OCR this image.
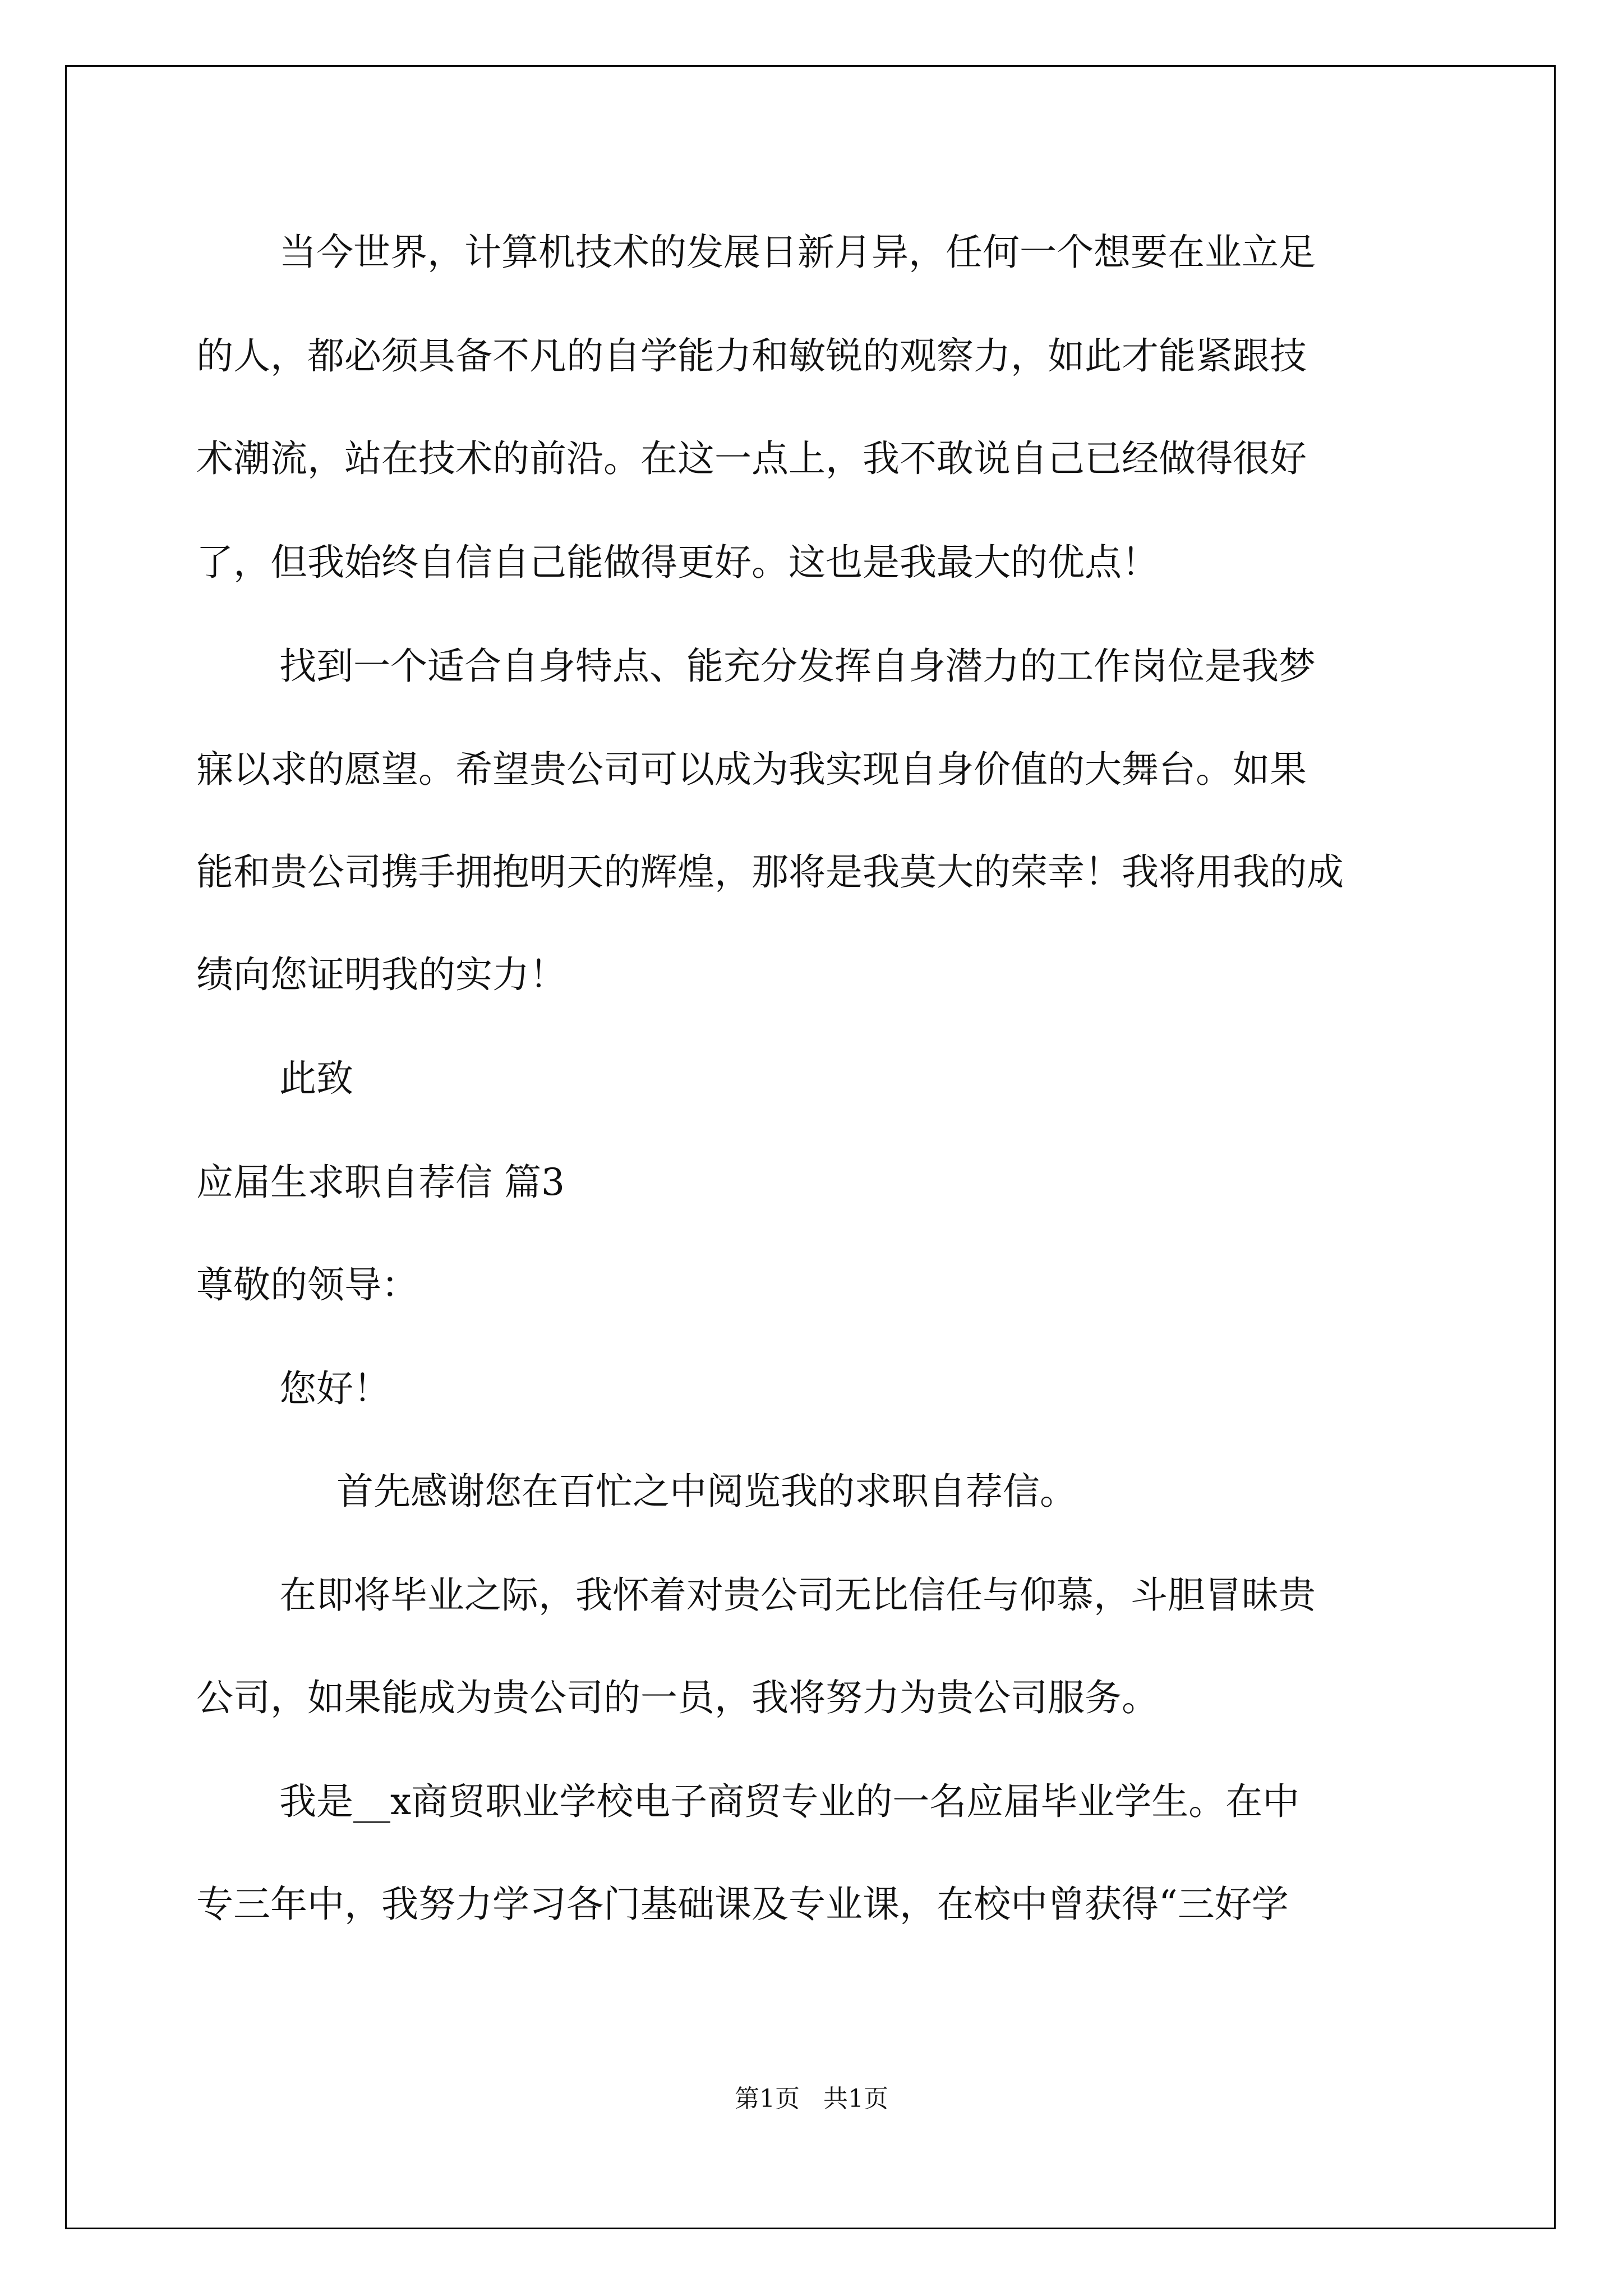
当今世界，计算机技术的发展日新月异，任何一个想要在业立足

的人，都必须具备不凡的自学能力和敏锐的观察力，如此才能紧跟技

术潮流，站在技术的前沿。在这一点上，我不敢说自己已经做得很好

了，但我始终自信自己能做得更好。这也是我最大的优点！

找到一个适合自身特点、能充分发挥自身潜力的工作岗位是我梦

寐以求的愿望。希望贵公司可以成为我实现自身价值的大舞台。如果

能和贵公司携手拥抱明天的辉煌，那将是我莫大的荣幸！我将用我的成

绩向您证明我的实力！

此致

应届生求职自荐信 篇3

尊敬的领导：

您好！

首先感谢您在百忙之中阅览我的求职自荐信。

在即将毕业之际，我怀着对贵公司无比信任与仰慕，斗胆冒昧贵

公司，如果能成为贵公司的一员，我将努力为贵公司服务。

我是__x商贸职业学校电子商贸专业的一名应届毕业学生。在中

专三年中，我努力学习各门基础课及专业课，在校中曾获得“三好学

第1页   共1页
